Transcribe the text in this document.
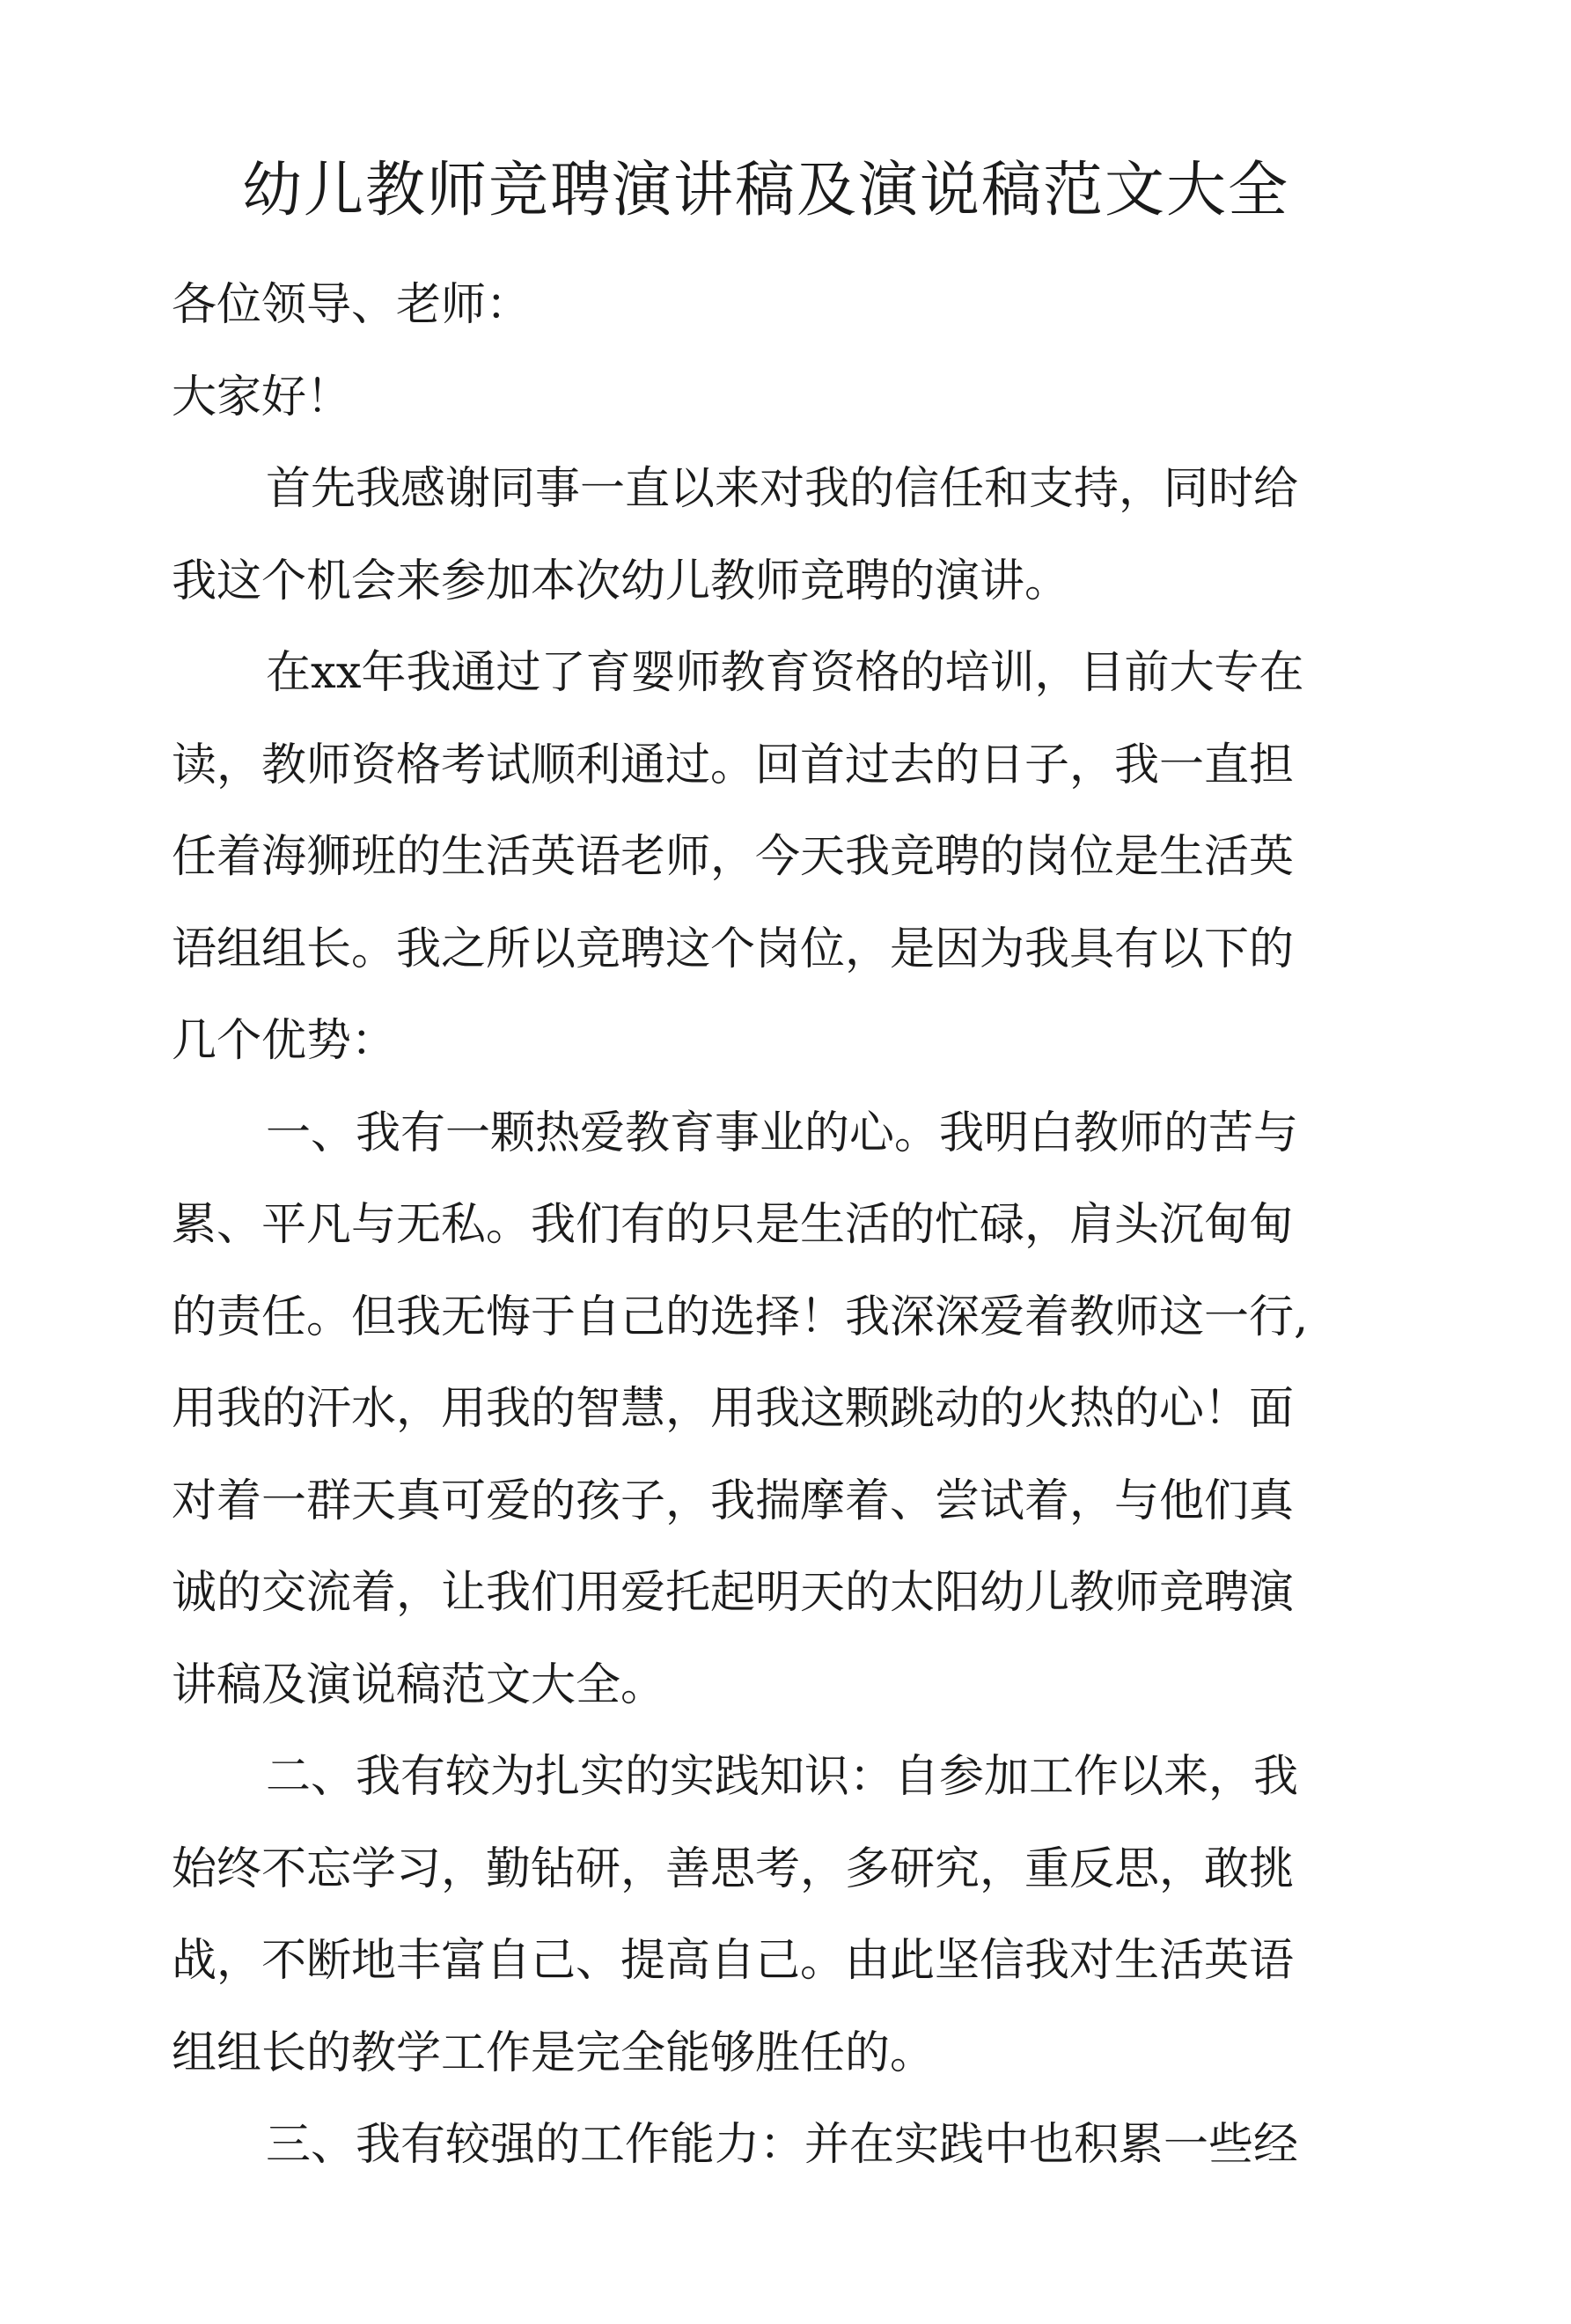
幼儿教师竞聘演讲稿及演说稿范文大全
各位领导、老师：
大家好！
首先我感谢同事一直以来对我的信任和支持，同时给
我这个机会来参加本次幼儿教师竞聘的演讲。
在xx年我通过了育婴师教育资格的培训，目前大专在
读，教师资格考试顺利通过。回首过去的日子，我一直担
任着海狮班的生活英语老师，今天我竞聘的岗位是生活英
语组组长。我之所以竞聘这个岗位，是因为我具有以下的
几个优势：
一、我有一颗热爱教育事业的心。我明白教师的苦与
累、平凡与无私。我们有的只是生活的忙碌，肩头沉甸甸
的责任。但我无悔于自己的选择！我深深爱着教师这一行,
用我的汗水，用我的智慧，用我这颗跳动的火热的心！面
对着一群天真可爱的孩子，我揣摩着、尝试着，与他们真
诚的交流着，让我们用爱托起明天的太阳幼儿教师竞聘演
讲稿及演说稿范文大全。
二、我有较为扎实的实践知识：自参加工作以来，我
始终不忘学习，勤钻研，善思考，多研究，重反思，敢挑
战，不断地丰富自己、提高自己。由此坚信我对生活英语
组组长的教学工作是完全能够胜任的。
三、我有较强的工作能力：并在实践中也积累一些经
